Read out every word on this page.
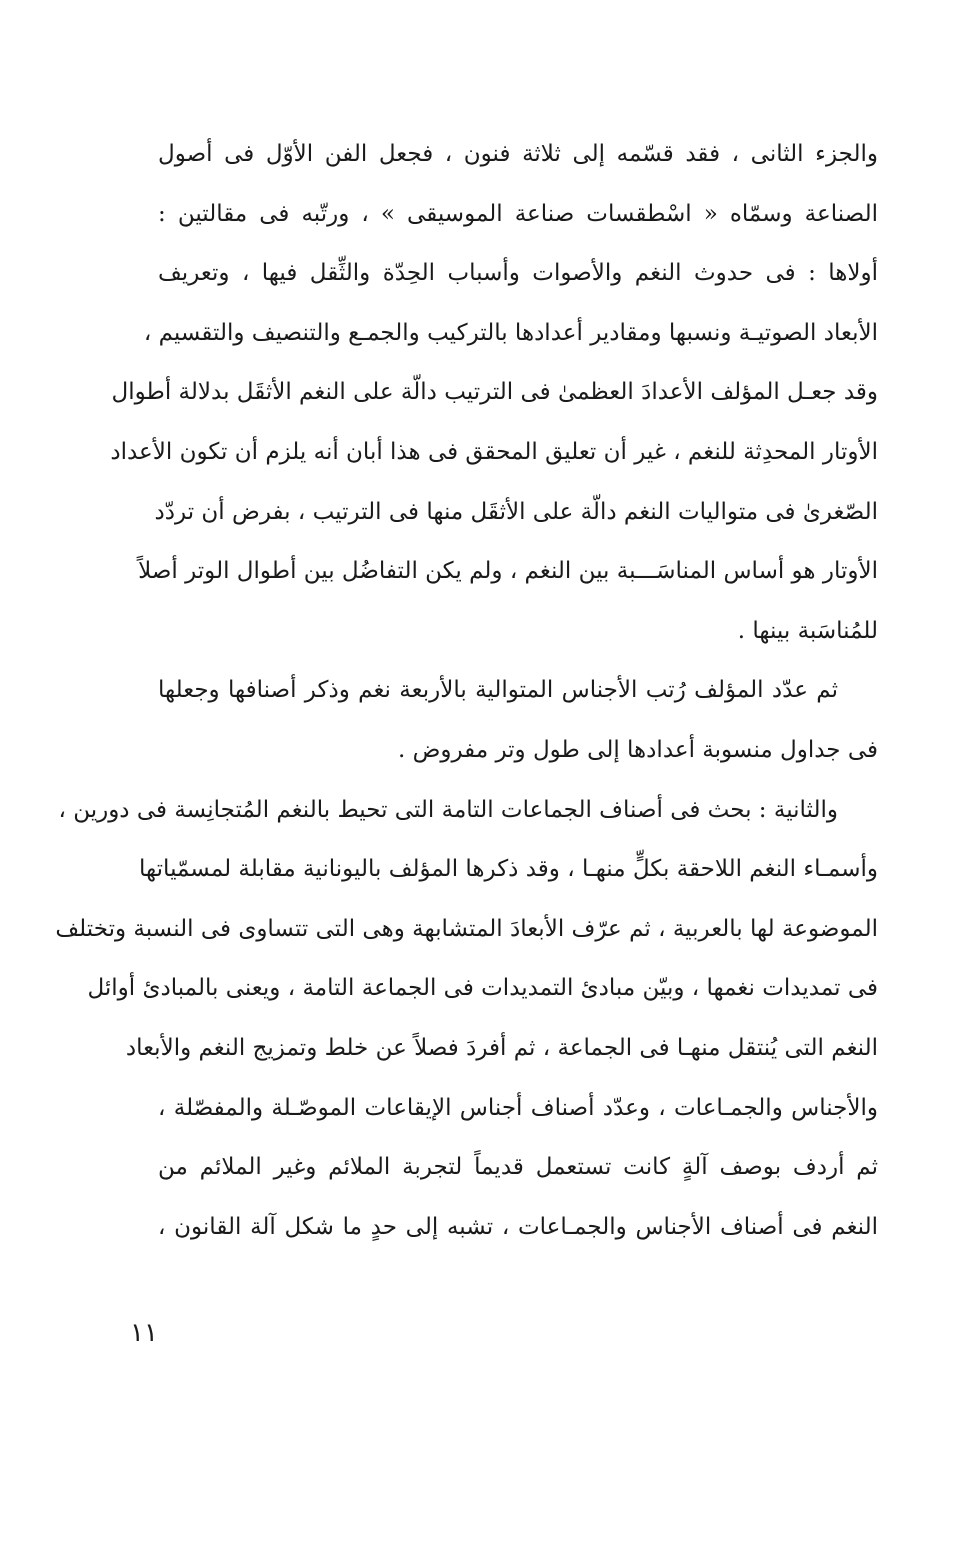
والجزء الثانى ، فقد قسّمه إلى ثلاثة فنون ، فجعل الفن الأوّل فى أصول
الصناعة وسمّاه « اسْطقسات صناعة الموسيقى » ، ورتّبه فى مقالتين :
أولاها : فى حدوث النغم والأصوات وأسباب الحِدّة والثِّقل فيها ، وتعريف
الأبعاد الصوتيـة ونسبها ومقادير أعدادها بالتركيب والجمـع والتنصيف والتقسيم ،
وقد جعـل المؤلف الأعدادَ العظمىٰ فى الترتيب دالّة على النغم الأثقَل بدلالة أطوال
الأوتار المحدِثة للنغم ، غير أن تعليق المحقق فى هذا أبان أنه يلزم أن تكون الأعداد
الصّغرىٰ فى متواليات النغم دالّة على الأثقَل منها فى الترتيب ، بفرض أن تردّد
الأوتار هو أساس المناسَـــبة بين النغم ، ولم يكن التفاضُل بين أطوال الوتر أصلاً
للمُناسَبة بينها .
ثم عدّد المؤلف رُتب الأجناس المتوالية بالأربعة نغم وذكر أصنافها وجعلها
فى جداول منسوبة أعدادها إلى طول وتر مفروض .
والثانية : بحث فى أصناف الجماعات التامة التى تحيط بالنغم المُتجانِسة فى دورين ،
وأسمـاء النغم اللاحقة بكلٍّ منهـا ، وقد ذكرها المؤلف باليونانية مقابلة لمسمّياتها
الموضوعة لها بالعربية ، ثم عرّف الأبعادَ المتشابهة وهى التى تتساوى فى النسبة وتختلف
فى تمديدات نغمها ، وبيّن مبادئ التمديدات فى الجماعة التامة ، ويعنى بالمبادئ أوائل
النغم التى يُنتقل منهـا فى الجماعة ، ثم أفردَ فصلاً عن خلط وتمزيج النغم والأبعاد
والأجناس والجمـاعات ، وعدّد أصناف أجناس الإيقاعات الموصّـلة والمفصّلة ،
ثم أردف بوصف آلةٍ كانت تستعمل قديماً لتجربة الملائم وغير الملائم من
النغم فى أصناف الأجناس والجمـاعات ، تشبه إلى حدٍ ما شكل آلة القانون ،
١١
